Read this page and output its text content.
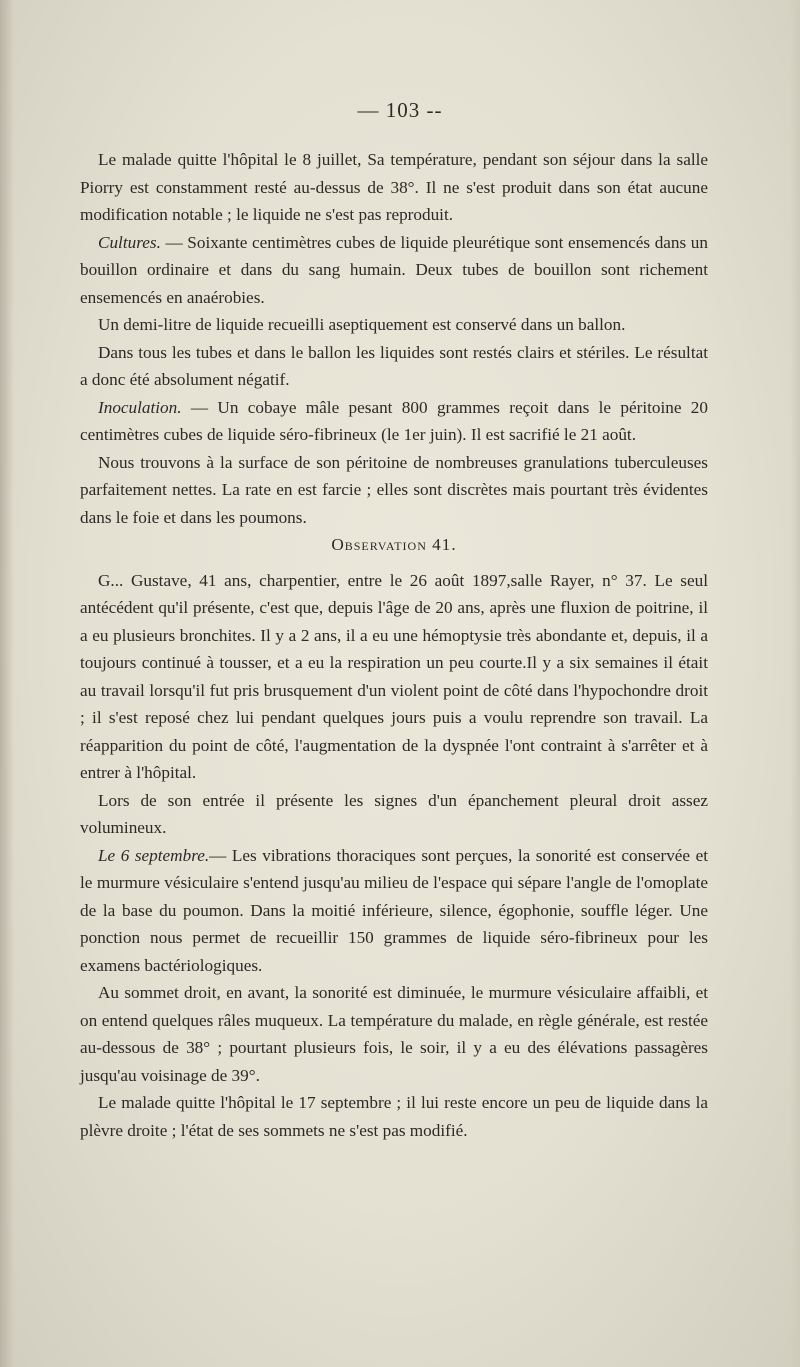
— 103 --

Le malade quitte l'hôpital le 8 juillet, Sa température, pendant son séjour dans la salle Piorry est constamment resté au-dessus de 38°. Il ne s'est produit dans son état aucune modification notable ; le liquide ne s'est pas reproduit.

Cultures. — Soixante centimètres cubes de liquide pleurétique sont ensemencés dans un bouillon ordinaire et dans du sang humain. Deux tubes de bouillon sont richement ensemencés en anaérobies.

Un demi-litre de liquide recueilli aseptiquement est conservé dans un ballon.

Dans tous les tubes et dans le ballon les liquides sont restés clairs et stériles. Le résultat a donc été absolument négatif.

Inoculation. — Un cobaye mâle pesant 800 grammes reçoit dans le péritoine 20 centimètres cubes de liquide séro-fibrineux (le 1er juin). Il est sacrifié le 21 août.

Nous trouvons à la surface de son péritoine de nombreuses granulations tuberculeuses parfaitement nettes. La rate en est farcie ; elles sont discrètes mais pourtant très évidentes dans le foie et dans les poumons.

Observation 41.

G... Gustave, 41 ans, charpentier, entre le 26 août 1897,salle Rayer, n° 37. Le seul antécédent qu'il présente, c'est que, depuis l'âge de 20 ans, après une fluxion de poitrine, il a eu plusieurs bronchites. Il y a 2 ans, il a eu une hémoptysie très abondante et, depuis, il a toujours continué à tousser, et a eu la respiration un peu courte.Il y a six semaines il était au travail lorsqu'il fut pris brusquement d'un violent point de côté dans l'hypochondre droit ; il s'est reposé chez lui pendant quelques jours puis a voulu reprendre son travail. La réapparition du point de côté, l'augmentation de la dyspnée l'ont contraint à s'arrêter et à entrer à l'hôpital.

Lors de son entrée il présente les signes d'un épanchement pleural droit assez volumineux.

Le 6 septembre.— Les vibrations thoraciques sont perçues, la sonorité est conservée et le murmure vésiculaire s'entend jusqu'au milieu de l'espace qui sépare l'angle de l'omoplate de la base du poumon. Dans la moitié inférieure, silence, égophonie, souffle léger. Une ponction nous permet de recueillir 150 grammes de liquide séro-fibrineux pour les examens bactériologiques.

Au sommet droit, en avant, la sonorité est diminuée, le murmure vésiculaire affaibli, et on entend quelques râles muqueux. La température du malade, en règle générale, est restée au-dessous de 38° ; pourtant plusieurs fois, le soir, il y a eu des élévations passagères jusqu'au voisinage de 39°.

Le malade quitte l'hôpital le 17 septembre ; il lui reste encore un peu de liquide dans la plèvre droite ; l'état de ses sommets ne s'est pas modifié.
